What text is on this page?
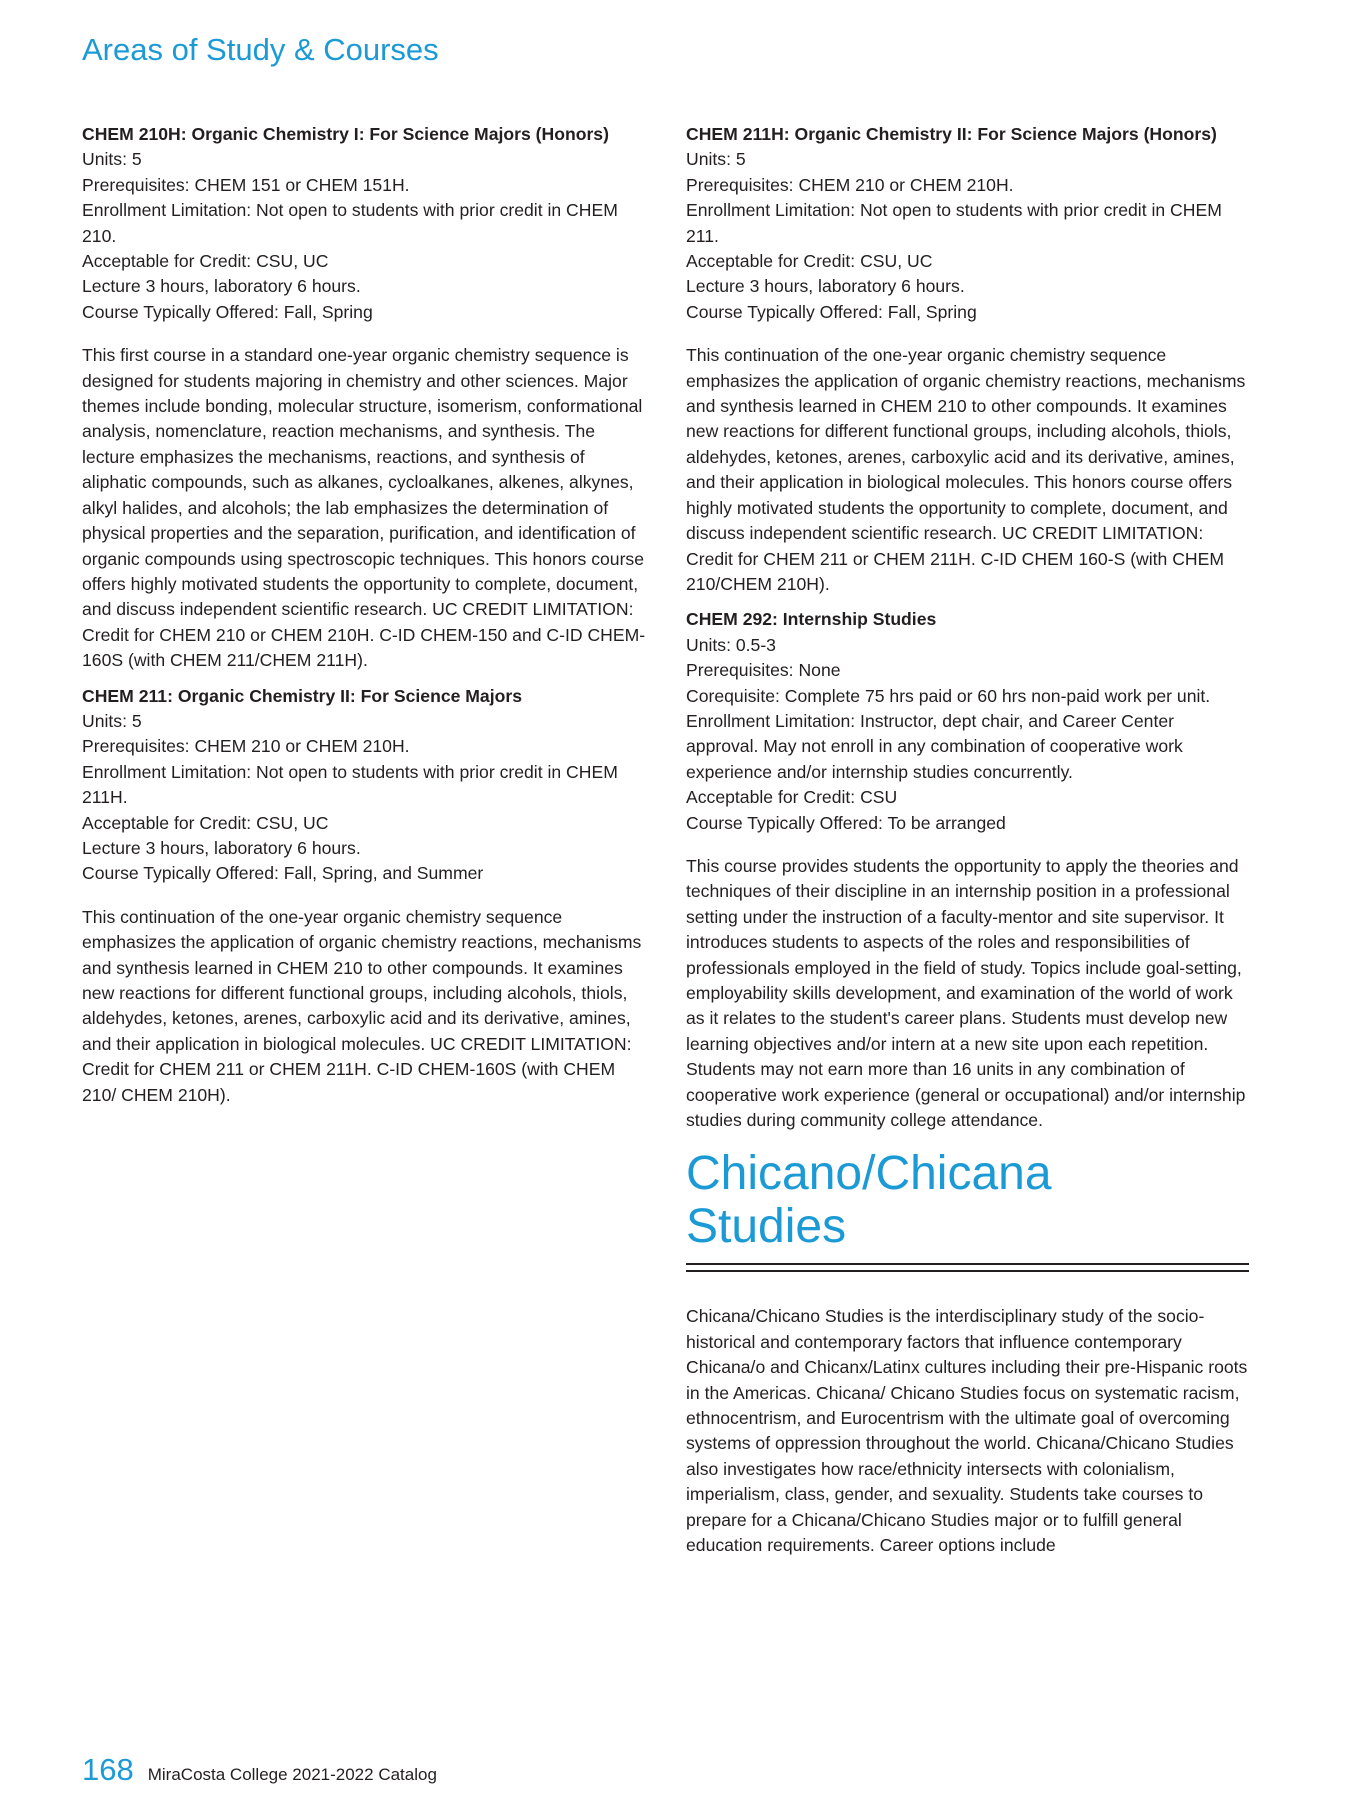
Areas of Study & Courses

CHEM 210H: Organic Chemistry I: For Science Majors (Honors)

Units: 5

Prerequisites: CHEM 151 or CHEM 151H.

Enrollment Limitation: Not open to students with prior credit in CHEM 210.

Acceptable for Credit: CSU, UC

Lecture 3 hours, laboratory 6 hours.

Course Typically Offered: Fall, Spring

This first course in a standard one-year organic chemistry sequence is designed for students majoring in chemistry and other sciences. Major themes include bonding, molecular structure, isomerism, conformational analysis, nomenclature, reaction mechanisms, and synthesis. The lecture emphasizes the mechanisms, reactions, and synthesis of aliphatic compounds, such as alkanes, cycloalkanes, alkenes, alkynes, alkyl halides, and alcohols; the lab emphasizes the determination of physical properties and the separation, purification, and identification of organic compounds using spectroscopic techniques. This honors course offers highly motivated students the opportunity to complete, document, and discuss independent scientific research. UC CREDIT LIMITATION: Credit for CHEM 210 or CHEM 210H. C-ID CHEM-150 and C-ID CHEM-160S (with CHEM 211/CHEM 211H).

CHEM 211: Organic Chemistry II: For Science Majors

Units: 5

Prerequisites: CHEM 210 or CHEM 210H.

Enrollment Limitation: Not open to students with prior credit in CHEM 211H.

Acceptable for Credit: CSU, UC

Lecture 3 hours, laboratory 6 hours.

Course Typically Offered: Fall, Spring, and Summer

This continuation of the one-year organic chemistry sequence emphasizes the application of organic chemistry reactions, mechanisms and synthesis learned in CHEM 210 to other compounds. It examines new reactions for different functional groups, including alcohols, thiols, aldehydes, ketones, arenes, carboxylic acid and its derivative, amines, and their application in biological molecules. UC CREDIT LIMITATION: Credit for CHEM 211 or CHEM 211H. C-ID CHEM-160S (with CHEM 210/ CHEM 210H).

CHEM 211H: Organic Chemistry II: For Science Majors (Honors)

Units: 5

Prerequisites: CHEM 210 or CHEM 210H.

Enrollment Limitation: Not open to students with prior credit in CHEM 211.

Acceptable for Credit: CSU, UC

Lecture 3 hours, laboratory 6 hours.

Course Typically Offered: Fall, Spring

This continuation of the one-year organic chemistry sequence emphasizes the application of organic chemistry reactions, mechanisms and synthesis learned in CHEM 210 to other compounds. It examines new reactions for different functional groups, including alcohols, thiols, aldehydes, ketones, arenes, carboxylic acid and its derivative, amines, and their application in biological molecules. This honors course offers highly motivated students the opportunity to complete, document, and discuss independent scientific research. UC CREDIT LIMITATION: Credit for CHEM 211 or CHEM 211H. C-ID CHEM 160-S (with CHEM 210/CHEM 210H).

CHEM 292: Internship Studies

Units: 0.5-3

Prerequisites: None

Corequisite: Complete 75 hrs paid or 60 hrs non-paid work per unit.

Enrollment Limitation: Instructor, dept chair, and Career Center approval. May not enroll in any combination of cooperative work experience and/or internship studies concurrently.

Acceptable for Credit: CSU

Course Typically Offered: To be arranged

This course provides students the opportunity to apply the theories and techniques of their discipline in an internship position in a professional setting under the instruction of a faculty-mentor and site supervisor. It introduces students to aspects of the roles and responsibilities of professionals employed in the field of study. Topics include goal-setting, employability skills development, and examination of the world of work as it relates to the student's career plans. Students must develop new learning objectives and/or intern at a new site upon each repetition. Students may not earn more than 16 units in any combination of cooperative work experience (general or occupational) and/or internship studies during community college attendance.

Chicano/Chicana
Studies

Chicana/Chicano Studies is the interdisciplinary study of the socio-historical and contemporary factors that influence contemporary Chicana/o and Chicanx/Latinx cultures including their pre-Hispanic roots in the Americas. Chicana/ Chicano Studies focus on systematic racism, ethnocentrism, and Eurocentrism with the ultimate goal of overcoming systems of oppression throughout the world. Chicana/Chicano Studies also investigates how race/ethnicity intersects with colonialism, imperialism, class, gender, and sexuality. Students take courses to prepare for a Chicana/Chicano Studies major or to fulfill general education requirements. Career options include

168 MiraCosta College 2021-2022 Catalog
